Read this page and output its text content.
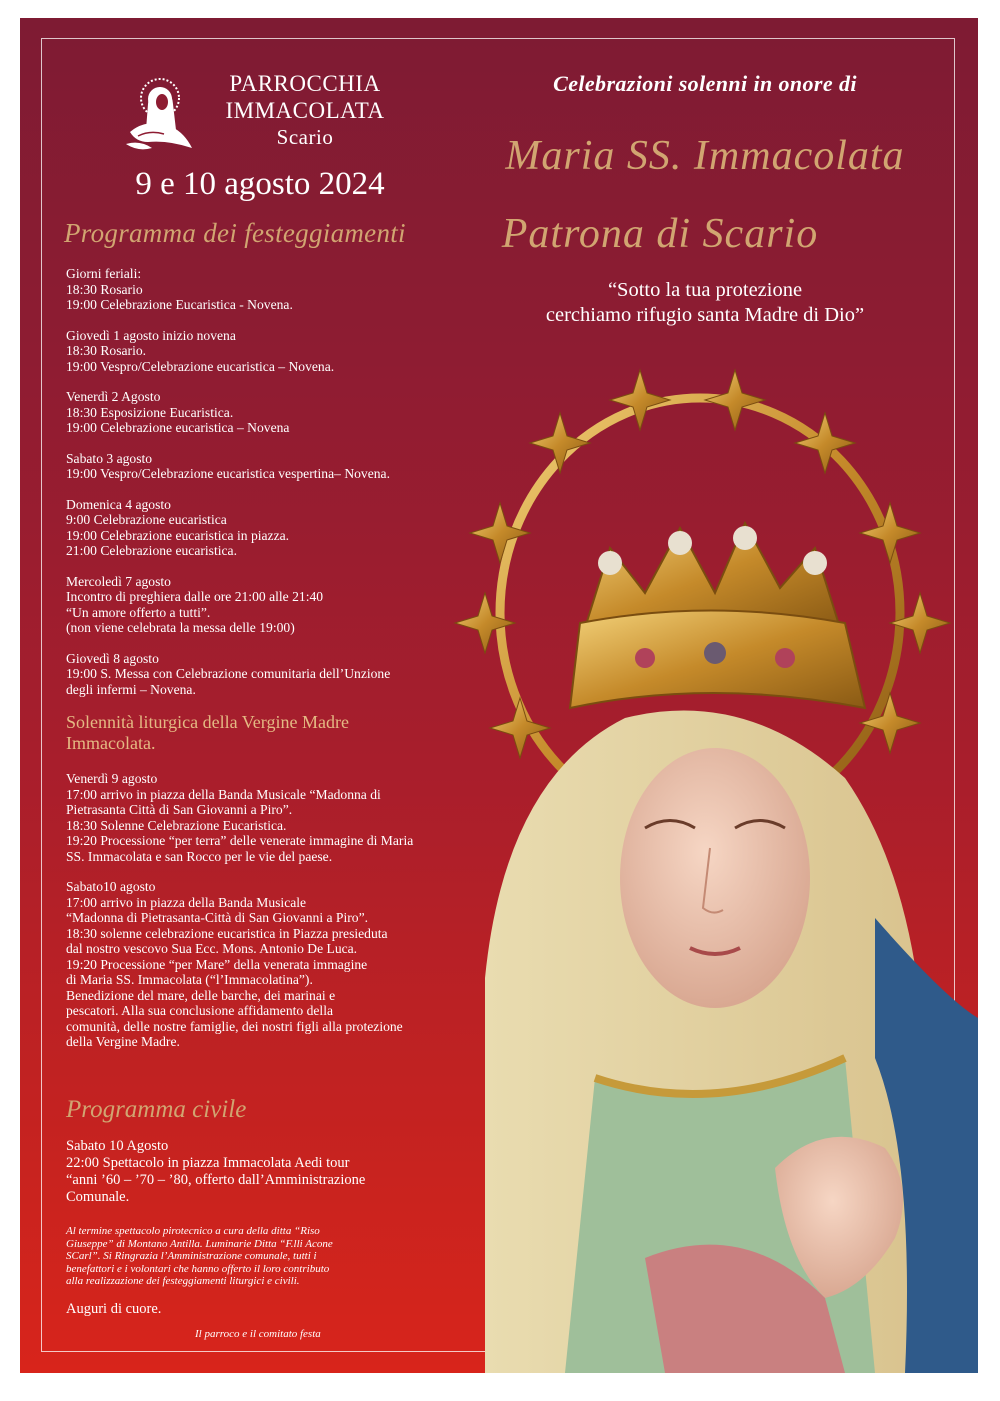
PARROCCHIA
IMMACOLATA
Scario
9 e 10 agosto 2024
Programma dei festeggiamenti
Giorni feriali:
18:30 Rosario
19:00 Celebrazione Eucaristica - Novena.
Giovedì 1 agosto inizio novena
18:30 Rosario.
19:00 Vespro/Celebrazione eucaristica – Novena.
Venerdì 2 Agosto
18:30 Esposizione Eucaristica.
19:00 Celebrazione eucaristica – Novena
Sabato 3 agosto
19:00 Vespro/Celebrazione eucaristica vespertina– Novena.
Domenica 4 agosto
9:00 Celebrazione eucaristica
19:00 Celebrazione eucaristica in piazza.
21:00 Celebrazione eucaristica.
Mercoledì 7 agosto
Incontro di preghiera dalle ore 21:00 alle 21:40
“Un amore offerto a tutti”.
(non viene celebrata la messa delle 19:00)
Giovedì 8 agosto
19:00 S. Messa con Celebrazione comunitaria dell’Unzione
degli infermi – Novena.
Solennità liturgica della Vergine Madre
Immacolata.
Venerdì 9 agosto
17:00 arrivo in piazza della Banda Musicale “Madonna di
Pietrasanta Città di San Giovanni a Piro”.
18:30 Solenne Celebrazione Eucaristica.
19:20 Processione “per terra” delle venerate immagine di Maria
SS. Immacolata e san Rocco per le vie del paese.
Sabato10 agosto
17:00 arrivo in piazza della Banda Musicale
“Madonna di Pietrasanta-Città di San Giovanni a Piro”.
18:30 solenne celebrazione eucaristica in Piazza presieduta
dal nostro vescovo Sua Ecc. Mons. Antonio De Luca.
19:20 Processione “per Mare” della venerata immagine
di Maria SS. Immacolata (“l’Immacolatina”).
Benedizione del mare, delle barche, dei marinai e
pescatori. Alla sua conclusione affidamento della
comunità, delle nostre famiglie, dei nostri figli alla protezione
della Vergine Madre.
Programma civile
Sabato 10 Agosto
22:00 Spettacolo in piazza Immacolata Aedi tour
“anni ’60 – ’70 – ’80, offerto dall’Amministrazione
Comunale.
Al termine spettacolo pirotecnico a cura della ditta “Riso
Giuseppe” di Montano Antilla. Luminarie Ditta “F.lli Acone
SCarl”. Si Ringrazia l’Amministrazione comunale, tutti i
benefattori e i volontari che hanno offerto il loro contributo
alla realizzazione dei festeggiamenti liturgici e civili.
Auguri di cuore.
Il parroco e il comitato festa
Celebrazioni solenni in onore di
Maria SS. Immacolata
Patrona di Scario
“Sotto la tua protezione
cerchiamo rifugio santa Madre di Dio”
